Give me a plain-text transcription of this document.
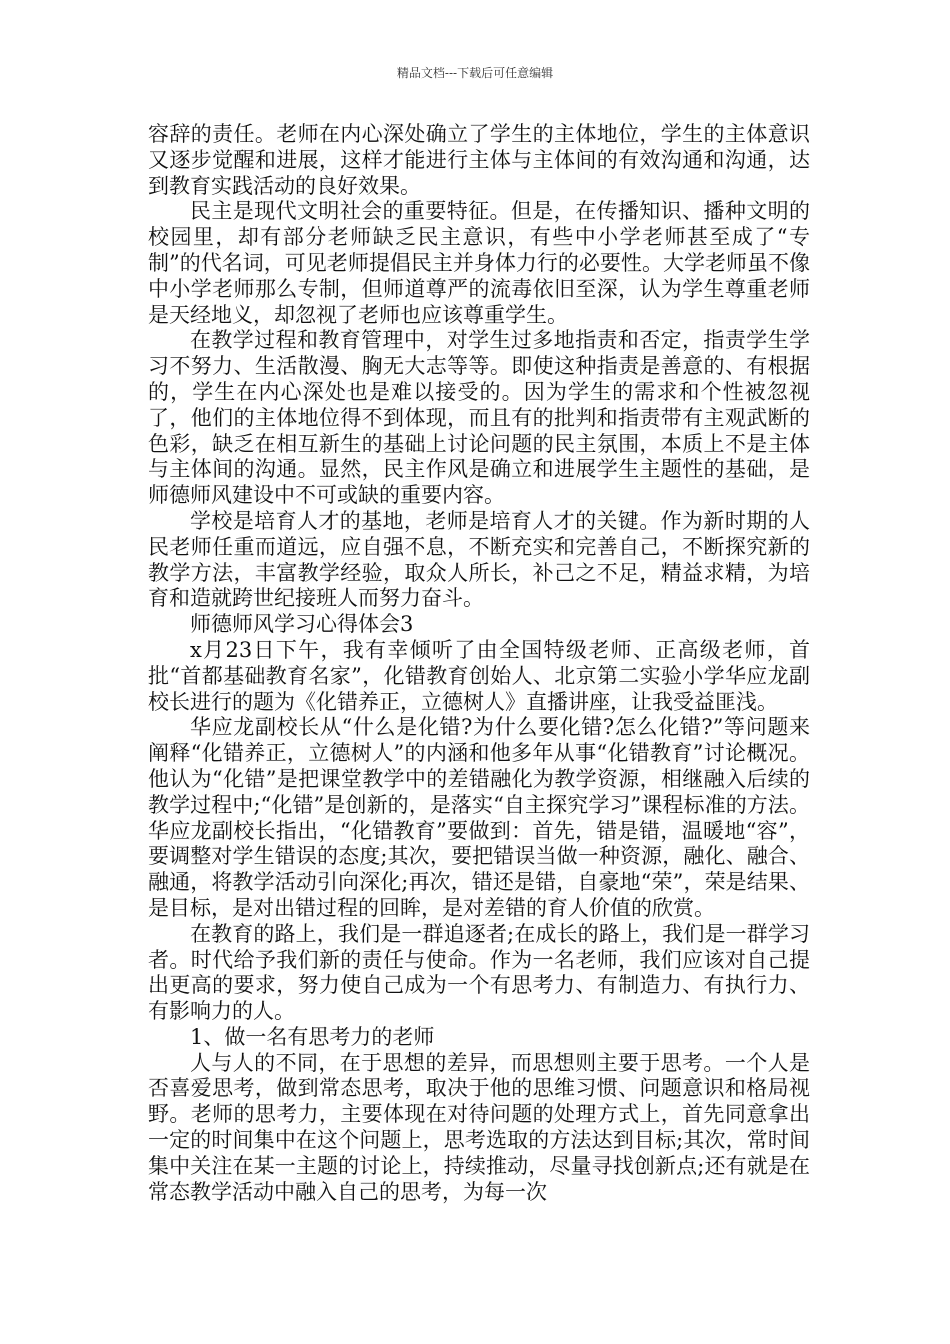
精品文档---下载后可任意编辑

容辞的责任。老师在内心深处确立了学生的主体地位，学生的主体意识又逐步觉醒和进展，这样才能进行主体与主体间的有效沟通和沟通，达到教育实践活动的良好效果。

民主是现代文明社会的重要特征。但是，在传播知识、播种文明的校园里，却有部分老师缺乏民主意识，有些中小学老师甚至成了“专制”的代名词，可见老师提倡民主并身体力行的必要性。大学老师虽不像中小学老师那么专制，但师道尊严的流毒依旧至深，认为学生尊重老师是天经地义，却忽视了老师也应该尊重学生。

在教学过程和教育管理中，对学生过多地指责和否定，指责学生学习不努力、生活散漫、胸无大志等等。即使这种指责是善意的、有根据的，学生在内心深处也是难以接受的。因为学生的需求和个性被忽视了，他们的主体地位得不到体现，而且有的批判和指责带有主观武断的色彩，缺乏在相互新生的基础上讨论问题的民主氛围，本质上不是主体与主体间的沟通。显然，民主作风是确立和进展学生主题性的基础，是师德师风建设中不可或缺的重要内容。

学校是培育人才的基地，老师是培育人才的关键。作为新时期的人民老师任重而道远，应自强不息，不断充实和完善自己，不断探究新的教学方法，丰富教学经验，取众人所长，补己之不足，精益求精，为培育和造就跨世纪接班人而努力奋斗。

师德师风学习心得体会3

x月23日下午，我有幸倾听了由全国特级老师、正高级老师，首批“首都基础教育名家”，化错教育创始人、北京第二实验小学华应龙副校长进行的题为《化错养正，立德树人》直播讲座，让我受益匪浅。

华应龙副校长从“什么是化错?为什么要化错?怎么化错?”等问题来阐释“化错养正，立德树人”的内涵和他多年从事“化错教育”讨论概况。他认为“化错”是把课堂教学中的差错融化为教学资源，相继融入后续的教学过程中;“化错”是创新的，是落实“自主探究学习”课程标准的方法。华应龙副校长指出，“化错教育”要做到：首先，错是错，温暖地“容”，要调整对学生错误的态度;其次，要把错误当做一种资源，融化、融合、融通，将教学活动引向深化;再次，错还是错，自豪地“荣”，荣是结果、是目标，是对出错过程的回眸，是对差错的育人价值的欣赏。

在教育的路上，我们是一群追逐者;在成长的路上，我们是一群学习者。时代给予我们新的责任与使命。作为一名老师，我们应该对自己提出更高的要求，努力使自己成为一个有思考力、有制造力、有执行力、有影响力的人。

1、做一名有思考力的老师

人与人的不同，在于思想的差异，而思想则主要于思考。一个人是否喜爱思考，做到常态思考，取决于他的思维习惯、问题意识和格局视野。老师的思考力，主要体现在对待问题的处理方式上，首先同意拿出一定的时间集中在这个问题上，思考选取的方法达到目标;其次，常时间集中关注在某一主题的讨论上，持续推动，尽量寻找创新点;还有就是在常态教学活动中融入自己的思考，为每一次
